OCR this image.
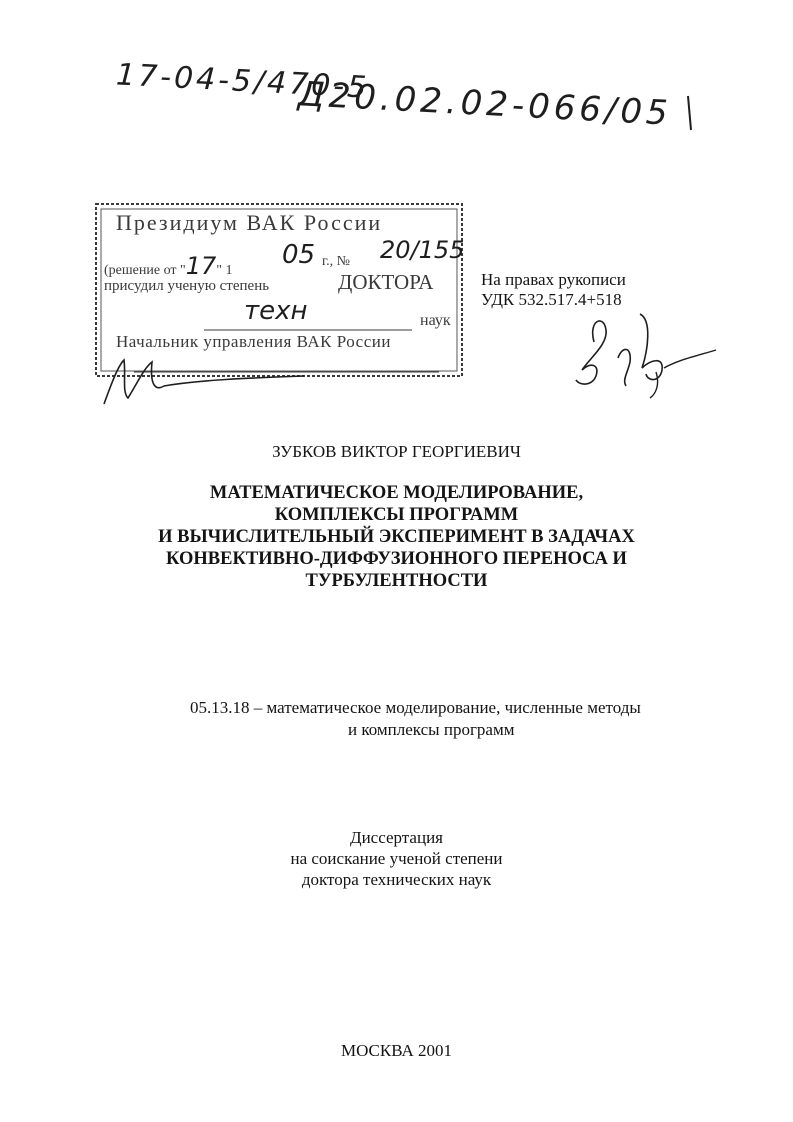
17-04-5/470-5
Д20.02.02-066/05
Президиум ВАК России
(решение от "17" 1
05 г., № 20/155
присудил ученую степень	ДОКТОРА
техн	наук
Начальник управления ВАК России
На правах рукописи
УДК 532.517.4+518
ЗУБКОВ ВИКТОР ГЕОРГИЕВИЧ
МАТЕМАТИЧЕСКОЕ МОДЕЛИРОВАНИЕ,
КОМПЛЕКСЫ ПРОГРАММ
И ВЫЧИСЛИТЕЛЬНЫЙ ЭКСПЕРИМЕНТ В ЗАДАЧАХ
КОНВЕКТИВНО-ДИФФУЗИОННОГО ПЕРЕНОСА И
ТУРБУЛЕНТНОСТИ
05.13.18 – математическое моделирование, численные методы
и комплексы программ
Диссертация
на соискание ученой степени
доктора технических наук
МОСКВА 2001
